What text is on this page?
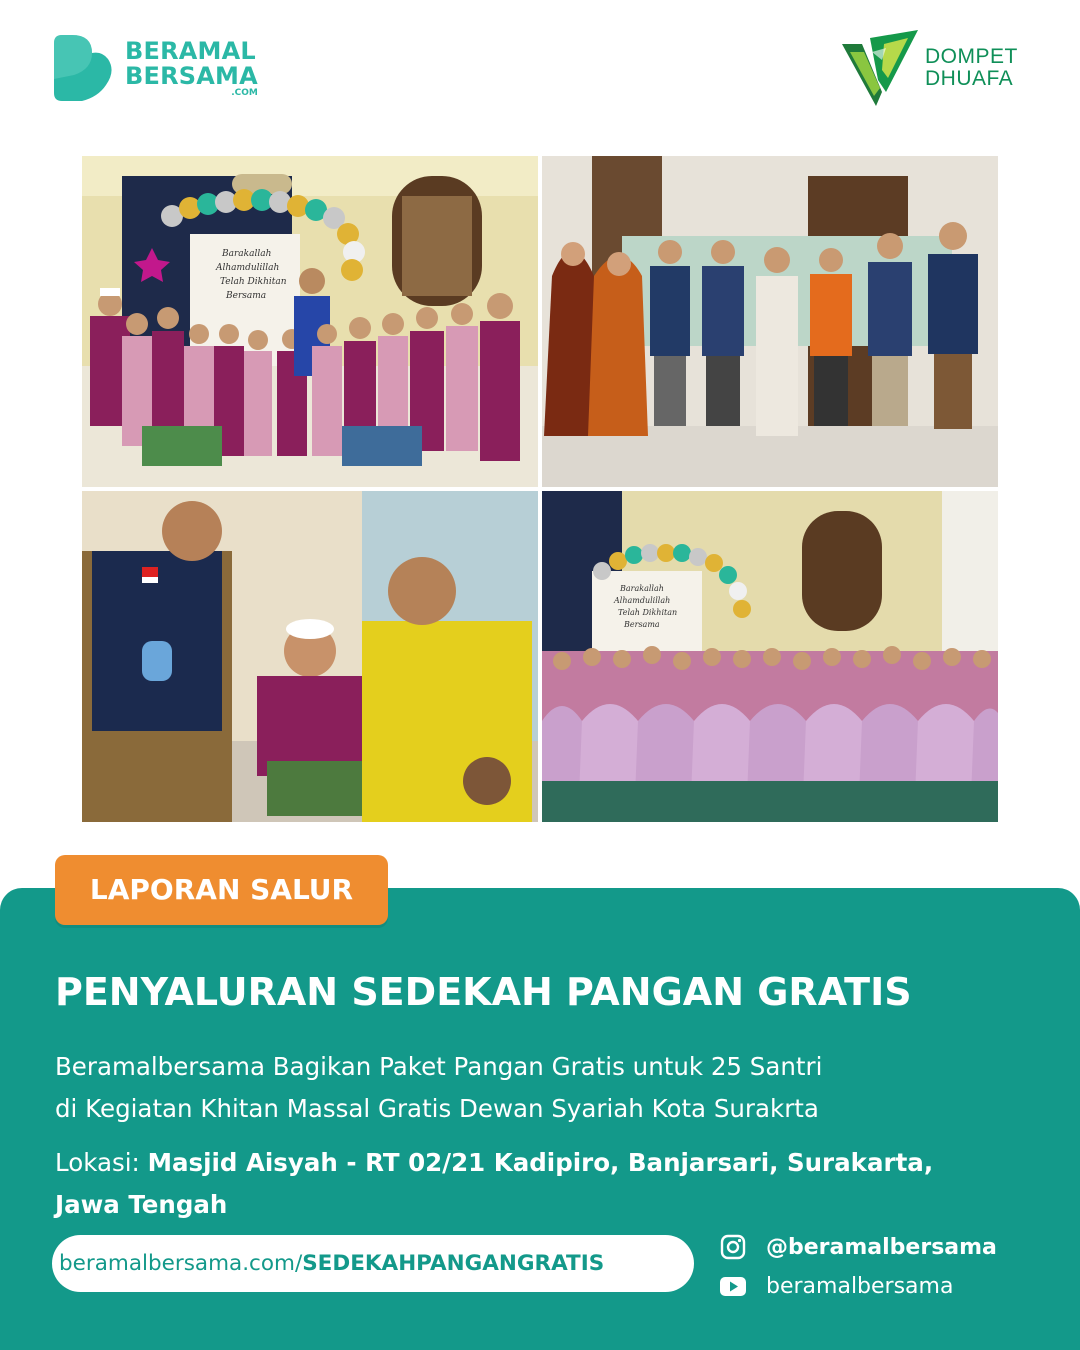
BERAMAL
BERSAMA
.COM
DOMPET
DHUAFA
Barakallah
Alhamdulillah
Telah Dikhitan
Bersama
Barakallah
Alhamdulillah
Telah Dikhitan
Bersama
LAPORAN SALUR
PENYALURAN SEDEKAH PANGAN GRATIS
Beramalbersama Bagikan Paket Pangan Gratis untuk 25 Santri
di Kegiatan Khitan Massal Gratis Dewan Syariah Kota Surakrta
Lokasi: Masjid Aisyah - RT 02/21 Kadipiro, Banjarsari, Surakarta,
Jawa Tengah
beramalbersama.com/ SEDEKAHPANGANGRATIS
@beramalbersama
beramalbersama
